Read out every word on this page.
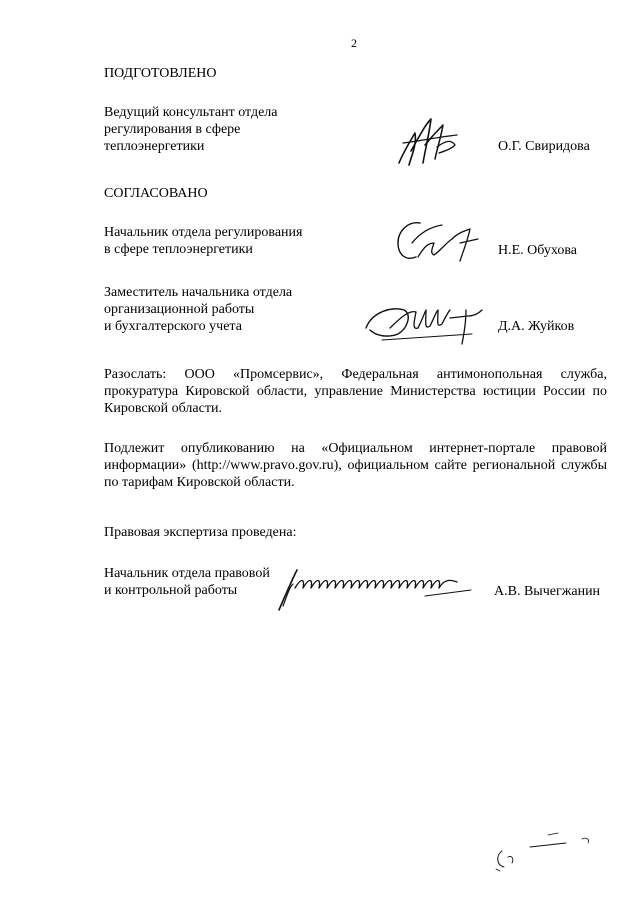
2
ПОДГОТОВЛЕНО
Ведущий консультант отдела
регулирования в сфере
теплоэнергетики	О.Г. Свиридова
СОГЛАСОВАНО
Начальник отдела регулирования
в сфере теплоэнергетики	Н.Е. Обухова
Заместитель начальника отдела
организационной работы
и бухгалтерского учета	Д.А. Жуйков
Разослать: ООО «Промсервис», Федеральная антимонопольная служба, прокуратура Кировской области, управление Министерства юстиции России по Кировской области.
Подлежит опубликованию на «Официальном интернет-портале правовой информации» (http://www.pravo.gov.ru), официальном сайте региональной службы по тарифам Кировской области.
Правовая экспертиза проведена:
Начальник отдела правовой
и контрольной работы	А.В. Вычегжанин
